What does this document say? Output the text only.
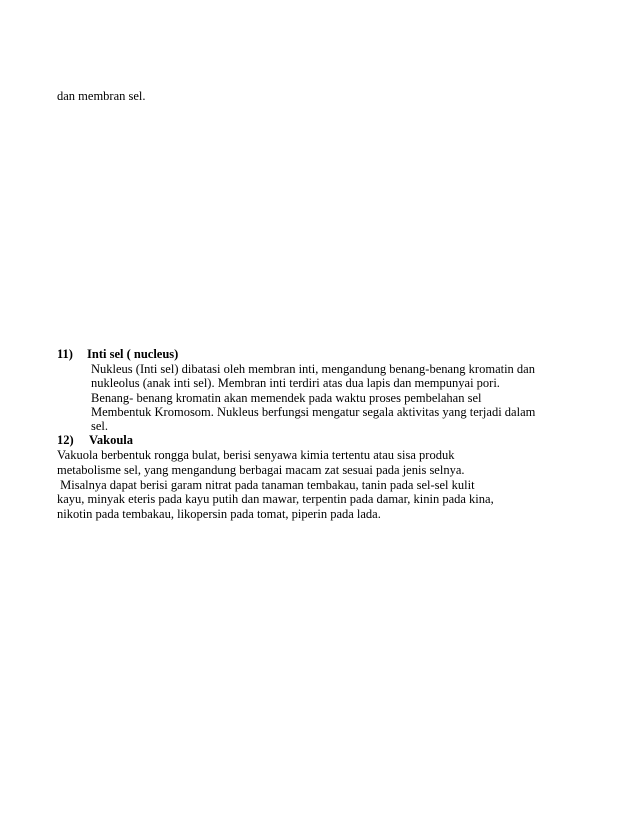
dan membran sel.
11) Inti sel ( nucleus)
Nukleus (Inti sel) dibatasi oleh membran inti, mengandung benang-benang kromatin dan
nukleolus (anak inti sel). Membran inti terdiri atas dua lapis dan mempunyai pori.
Benang- benang kromatin akan memendek pada waktu proses pembelahan sel
Membentuk Kromosom. Nukleus berfungsi mengatur segala aktivitas yang terjadi dalam
sel.
12) Vakoula
Vakuola berbentuk rongga bulat, berisi senyawa kimia tertentu atau sisa produk
metabolisme sel, yang mengandung berbagai macam zat sesuai pada jenis selnya.
Misalnya dapat berisi garam nitrat pada tanaman tembakau, tanin pada sel-sel kulit
kayu, minyak eteris pada kayu putih dan mawar, terpentin pada damar, kinin pada kina,
nikotin pada tembakau, likopersin pada tomat, piperin pada lada.
